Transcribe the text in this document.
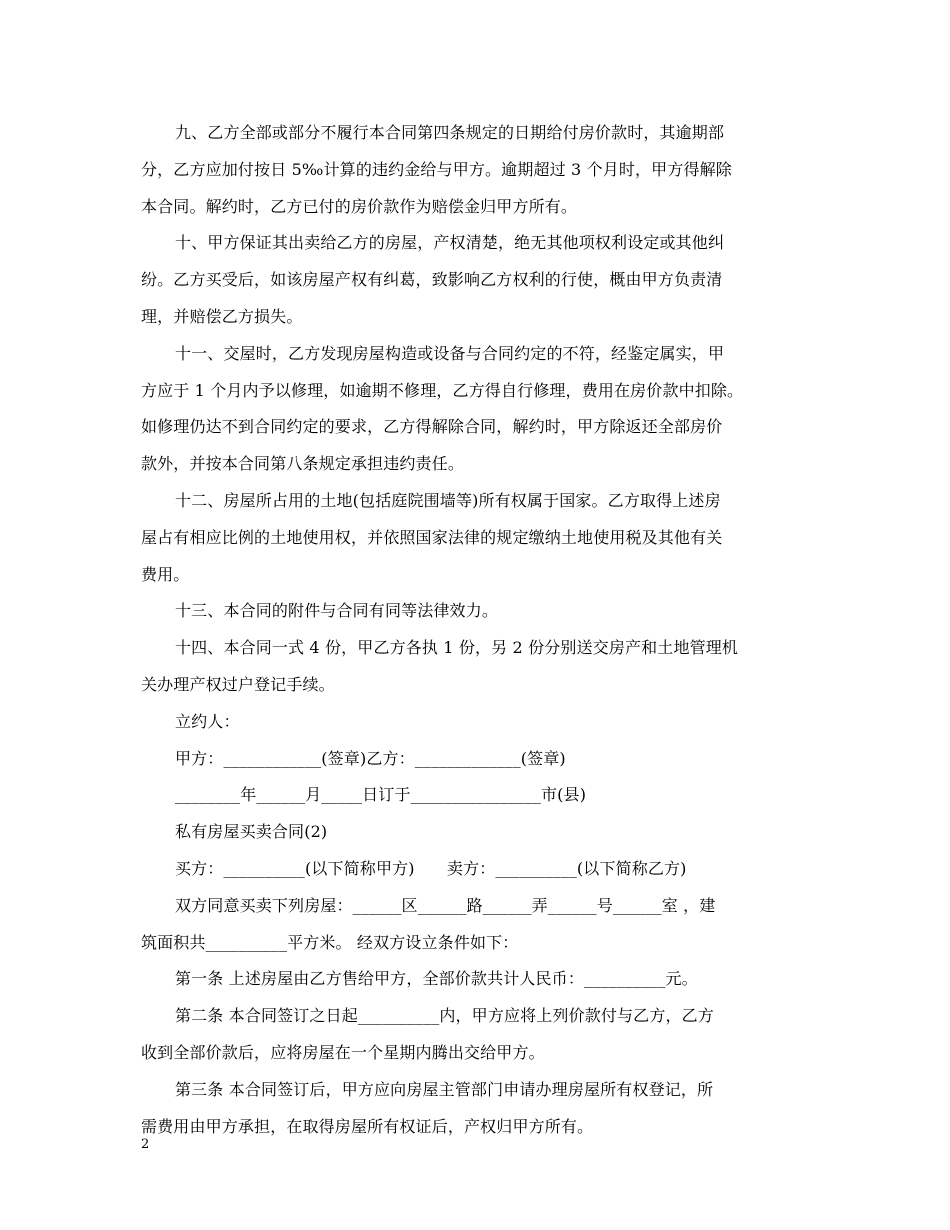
九、乙方全部或部分不履行本合同第四条规定的日期给付房价款时，其逾期部
分，乙方应加付按日 5‰计算的违约金给与甲方。逾期超过 3 个月时，甲方得解除
本合同。解约时，乙方已付的房价款作为赔偿金归甲方所有。
十、甲方保证其出卖给乙方的房屋，产权清楚，绝无其他项权利设定或其他纠
纷。乙方买受后，如该房屋产权有纠葛，致影响乙方权利的行使，概由甲方负责清
理，并赔偿乙方损失。
十一、交屋时，乙方发现房屋构造或设备与合同约定的不符，经鉴定属实，甲
方应于 1 个月内予以修理，如逾期不修理，乙方得自行修理，费用在房价款中扣除。
如修理仍达不到合同约定的要求，乙方得解除合同，解约时，甲方除返还全部房价
款外，并按本合同第八条规定承担违约责任。
十二、房屋所占用的土地(包括庭院围墙等)所有权属于国家。乙方取得上述房
屋占有相应比例的土地使用权，并依照国家法律的规定缴纳土地使用税及其他有关
费用。
十三、本合同的附件与合同有同等法律效力。
十四、本合同一式 4 份，甲乙方各执 1 份，另 2 份分别送交房产和土地管理机
关办理产权过户登记手续。
立约人：
甲方：____________(签章)乙方：_____________(签章)
________年______月_____日订于________________市(县)
私有房屋买卖合同(2)
买方：__________(以下简称甲方)　　卖方：__________(以下简称乙方)
双方同意买卖下列房屋：______区______路______弄______号______室 ，建
筑面积共__________平方米。 经双方设立条件如下：
第一条 上述房屋由乙方售给甲方，全部价款共计人民币：__________元。
第二条 本合同签订之日起__________内，甲方应将上列价款付与乙方，乙方
收到全部价款后，应将房屋在一个星期内腾出交给甲方。
第三条 本合同签订后，甲方应向房屋主管部门申请办理房屋所有权登记，所
需费用由甲方承担，在取得房屋所有权证后，产权归甲方所有。
2
